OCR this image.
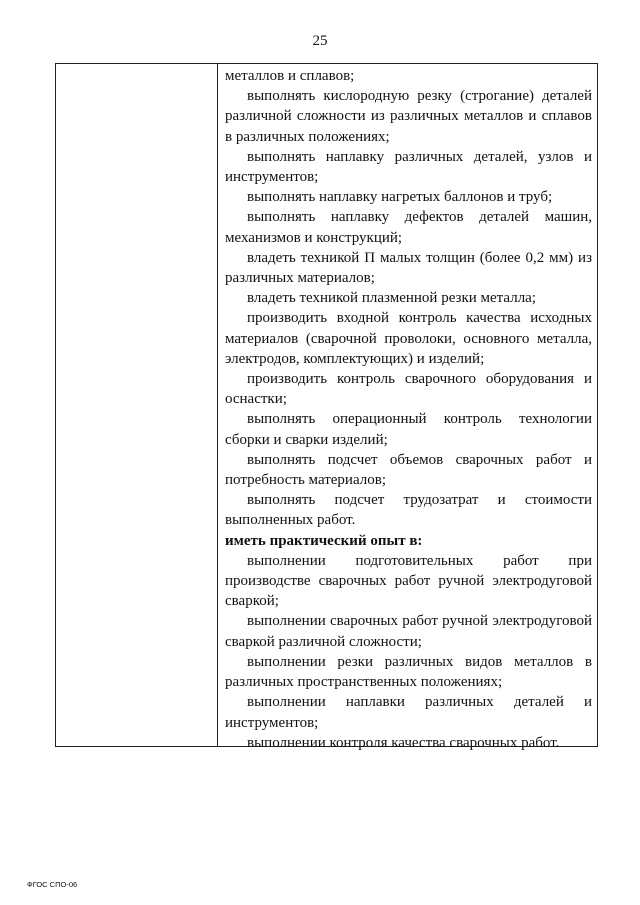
25

металлов и сплавов;

выполнять кислородную резку (строгание) деталей различной сложности из различных металлов и сплавов в различных положениях;

выполнять наплавку различных деталей, узлов и инструментов;

выполнять наплавку нагретых баллонов и труб;

выполнять наплавку дефектов деталей машин, механизмов и конструкций;

владеть техникой П малых толщин (более 0,2 мм) из различных материалов;

владеть техникой плазменной резки металла;

производить входной контроль качества исходных материалов (сварочной проволоки, основного металла, электродов, комплектующих) и изделий;

производить контроль сварочного оборудования и оснастки;

выполнять операционный контроль технологии сборки и сварки изделий;

выполнять подсчет объемов сварочных работ и потребность материалов;

выполнять подсчет трудозатрат и стоимости выполненных работ.

иметь практический опыт в:

выполнении подготовительных работ при производстве сварочных работ ручной электродуговой сваркой;

выполнении сварочных работ ручной электродуговой сваркой различной сложности;

выполнении резки различных видов металлов в различных пространственных положениях;

выполнении наплавки различных деталей и инструментов;

выполнении контроля качества сварочных работ.

ФГОС СПО-06
